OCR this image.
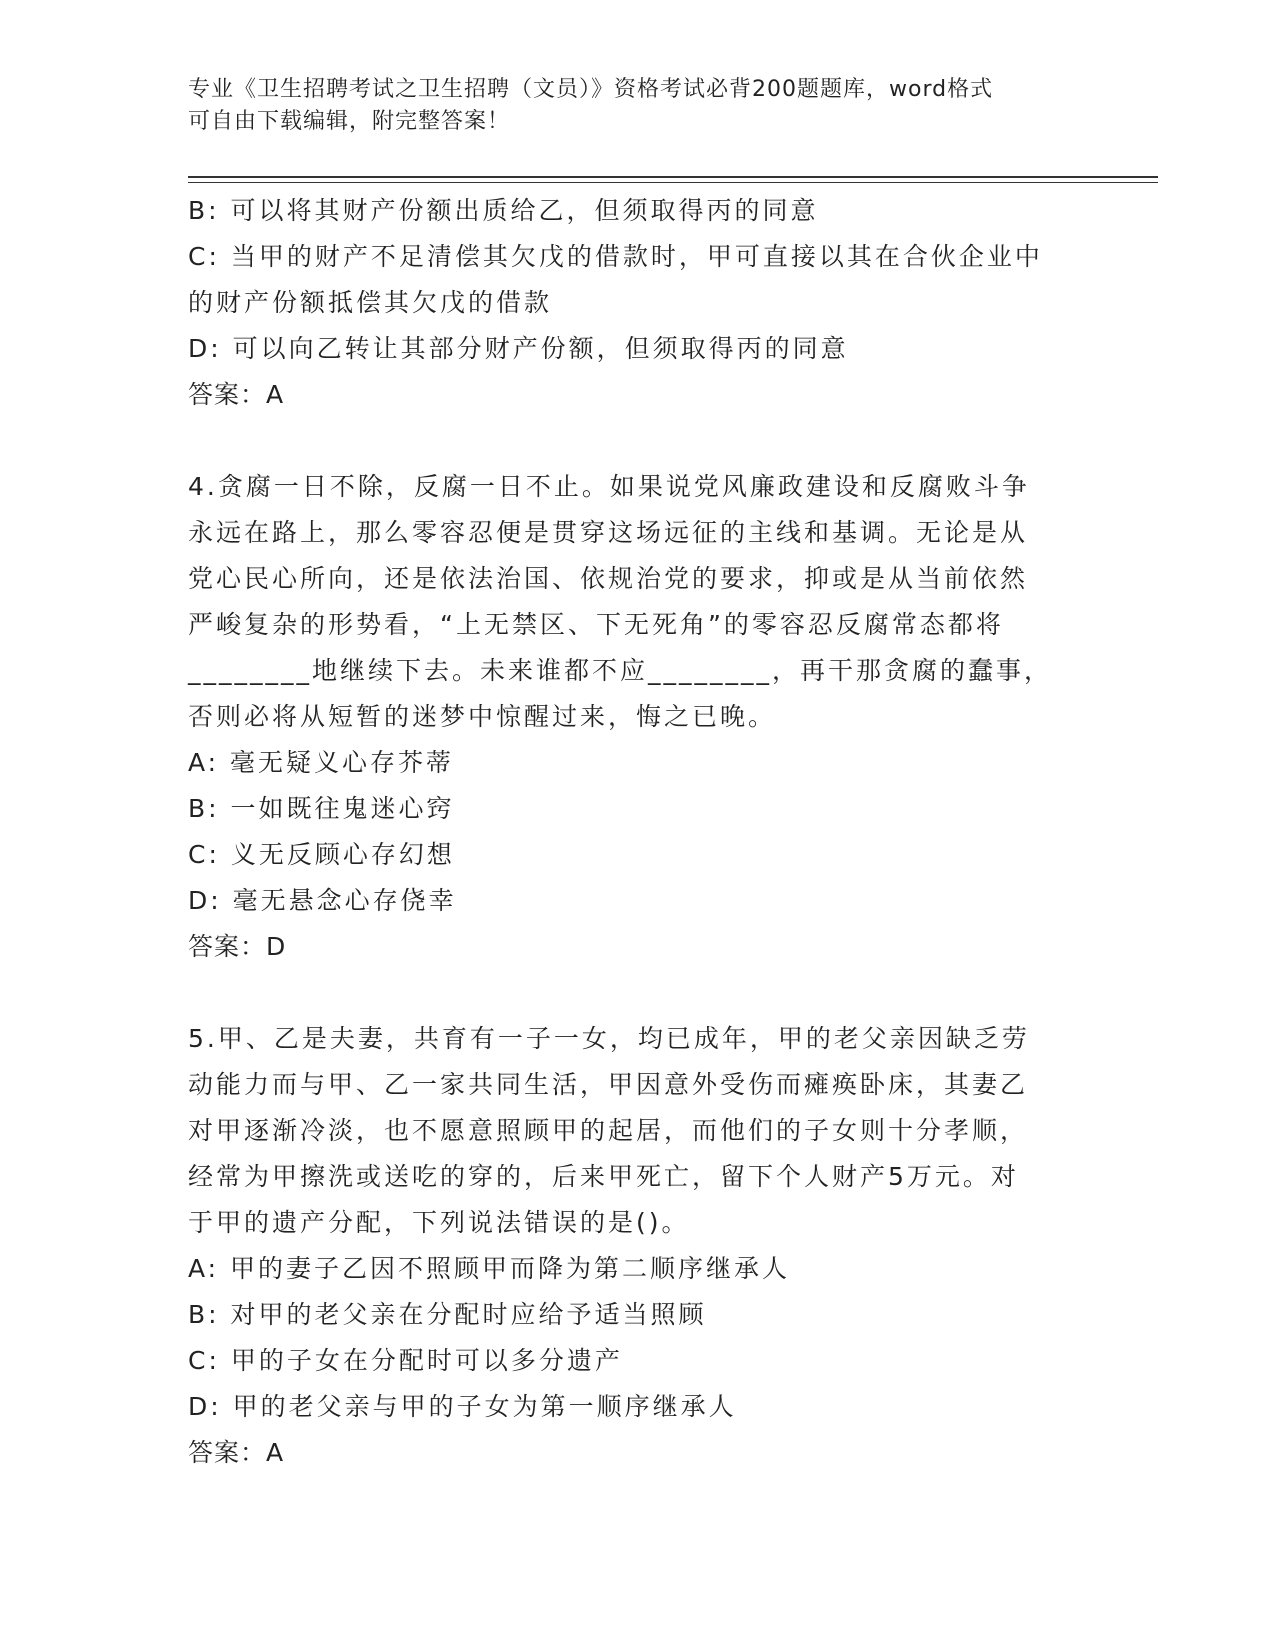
专业《卫生招聘考试之卫生招聘（文员）》资格考试必背200题题库，word格式
可自由下载编辑，附完整答案！
B: 可以将其财产份额出质给乙，但须取得丙的同意
C: 当甲的财产不足清偿其欠戊的借款时，甲可直接以其在合伙企业中
的财产份额抵偿其欠戊的借款
D: 可以向乙转让其部分财产份额，但须取得丙的同意
答案：A
4.贪腐一日不除，反腐一日不止。如果说党风廉政建设和反腐败斗争
永远在路上，那么零容忍便是贯穿这场远征的主线和基调。无论是从
党心民心所向，还是依法治国、依规治党的要求，抑或是从当前依然
严峻复杂的形势看，“上无禁区、下无死角”的零容忍反腐常态都将
________地继续下去。未来谁都不应________，再干那贪腐的蠢事，
否则必将从短暂的迷梦中惊醒过来，悔之已晚。
A: 毫无疑义心存芥蒂
B: 一如既往鬼迷心窍
C: 义无反顾心存幻想
D: 毫无悬念心存侥幸
答案：D
5.甲、乙是夫妻，共育有一子一女，均已成年，甲的老父亲因缺乏劳
动能力而与甲、乙一家共同生活，甲因意外受伤而瘫痪卧床，其妻乙
对甲逐渐冷淡，也不愿意照顾甲的起居，而他们的子女则十分孝顺，
经常为甲擦洗或送吃的穿的，后来甲死亡，留下个人财产5万元。对
于甲的遗产分配，下列说法错误的是()。
A: 甲的妻子乙因不照顾甲而降为第二顺序继承人
B: 对甲的老父亲在分配时应给予适当照顾
C: 甲的子女在分配时可以多分遗产
D: 甲的老父亲与甲的子女为第一顺序继承人
答案：A
